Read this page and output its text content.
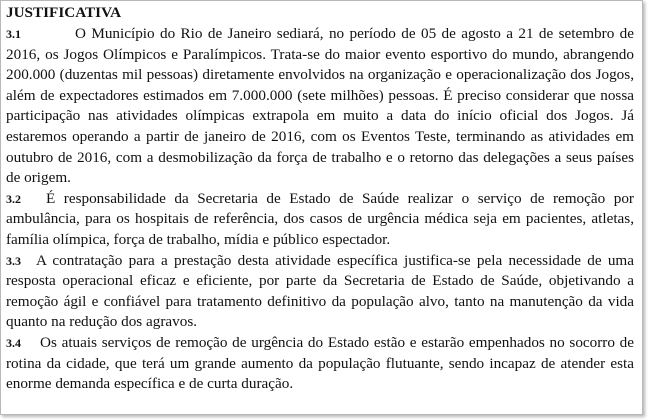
JUSTIFICATIVA

3.1	O Município do Rio de Janeiro sediará, no período de 05 de agosto a 21 de setembro de 2016, os Jogos Olímpicos e Paralímpicos. Trata-se do maior evento esportivo do mundo, abrangendo 200.000 (duzentas mil pessoas) diretamente envolvidos na organização e operacionalização dos Jogos, além de expectadores estimados em 7.000.000 (sete milhões) pessoas. É preciso considerar que nossa participação nas atividades olímpicas extrapola em muito a data do início oficial dos Jogos. Já estaremos operando a partir de janeiro de 2016, com os Eventos Teste, terminando as atividades em outubro de 2016, com a desmobilização da força de trabalho e o retorno das delegações a seus países de origem.

3.2 É responsabilidade da Secretaria de Estado de Saúde realizar o serviço de remoção por ambulância, para os hospitais de referência, dos casos de urgência médica seja em pacientes, atletas, família olímpica, força de trabalho, mídia e público espectador.

3.3 A contratação para a prestação desta atividade específica justifica-se pela necessidade de uma resposta operacional eficaz e eficiente, por parte da Secretaria de Estado de Saúde, objetivando a remoção ágil e confiável para tratamento definitivo da população alvo, tanto na manutenção da vida quanto na redução dos agravos.

3.4 Os atuais serviços de remoção de urgência do Estado estão e estarão empenhados no socorro de rotina da cidade, que terá um grande aumento da população flutuante, sendo incapaz de atender esta enorme demanda específica e de curta duração.
